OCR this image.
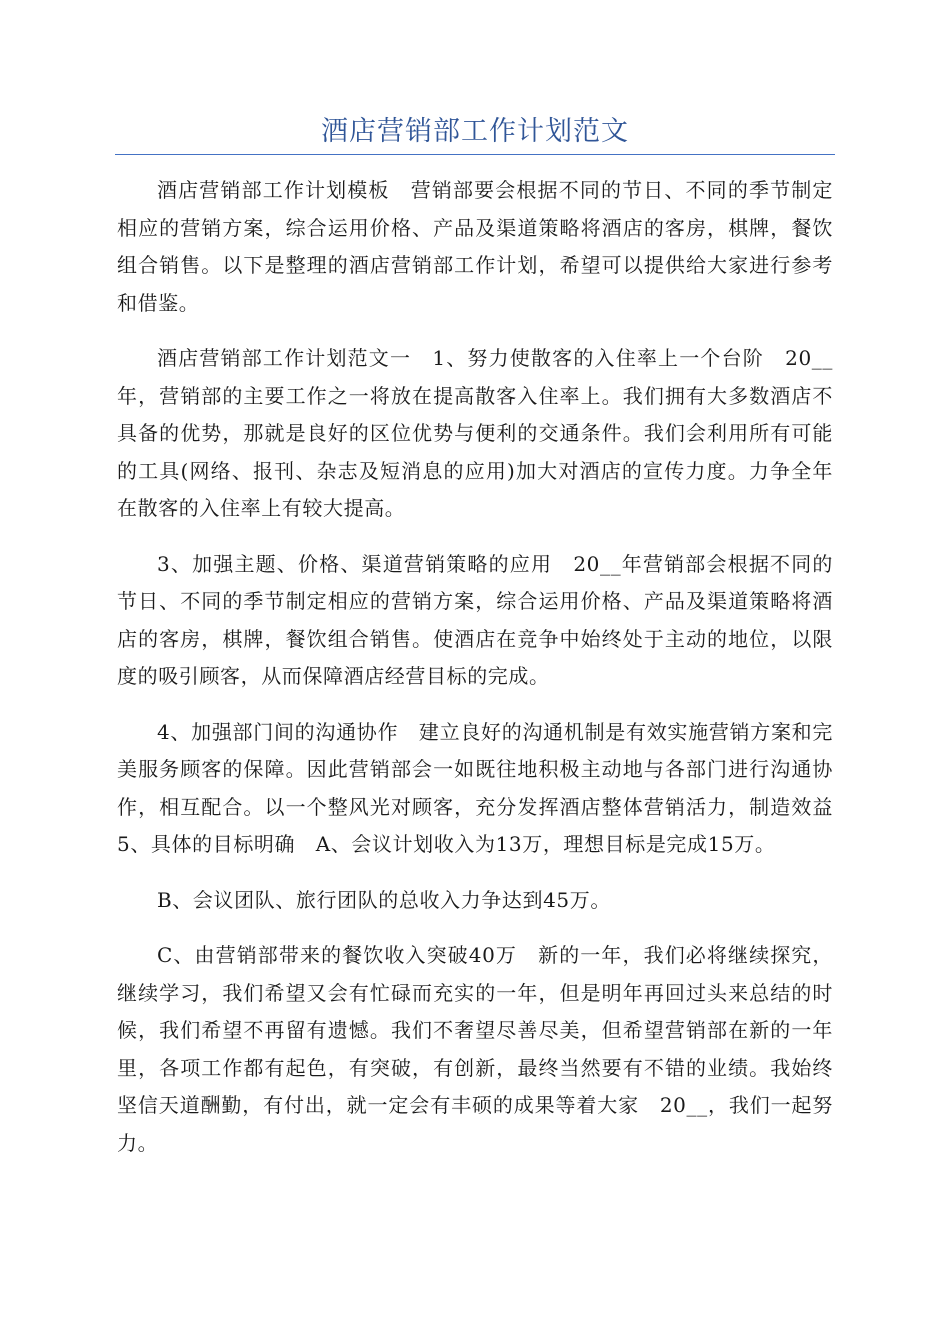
酒店营销部工作计划范文

酒店营销部工作计划模板　营销部要会根据不同的节日、不同的季节制定相应的营销方案，综合运用价格、产品及渠道策略将酒店的客房，棋牌，餐饮组合销售。以下是整理的酒店营销部工作计划，希望可以提供给大家进行参考和借鉴。

酒店营销部工作计划范文一　1、努力使散客的入住率上一个台阶　20__年，营销部的主要工作之一将放在提高散客入住率上。我们拥有大多数酒店不具备的优势，那就是良好的区位优势与便利的交通条件。我们会利用所有可能的工具(网络、报刊、杂志及短消息的应用)加大对酒店的宣传力度。力争全年在散客的入住率上有较大提高。

3、加强主题、价格、渠道营销策略的应用　20__年营销部会根据不同的节日、不同的季节制定相应的营销方案，综合运用价格、产品及渠道策略将酒店的客房，棋牌，餐饮组合销售。使酒店在竞争中始终处于主动的地位，以限度的吸引顾客，从而保障酒店经营目标的完成。

4、加强部门间的沟通协作　建立良好的沟通机制是有效实施营销方案和完美服务顾客的保障。因此营销部会一如既往地积极主动地与各部门进行沟通协作，相互配合。以一个整风光对顾客，充分发挥酒店整体营销活力，制造效益　5、具体的目标明确　A、会议计划收入为13万，理想目标是完成15万。

B、会议团队、旅行团队的总收入力争达到45万。

C、由营销部带来的餐饮收入突破40万　新的一年，我们必将继续探究，继续学习，我们希望又会有忙碌而充实的一年，但是明年再回过头来总结的时候，我们希望不再留有遗憾。我们不奢望尽善尽美，但希望营销部在新的一年里，各项工作都有起色，有突破，有创新，最终当然要有不错的业绩。我始终坚信天道酬勤，有付出，就一定会有丰硕的成果等着大家　20__，我们一起努力。
